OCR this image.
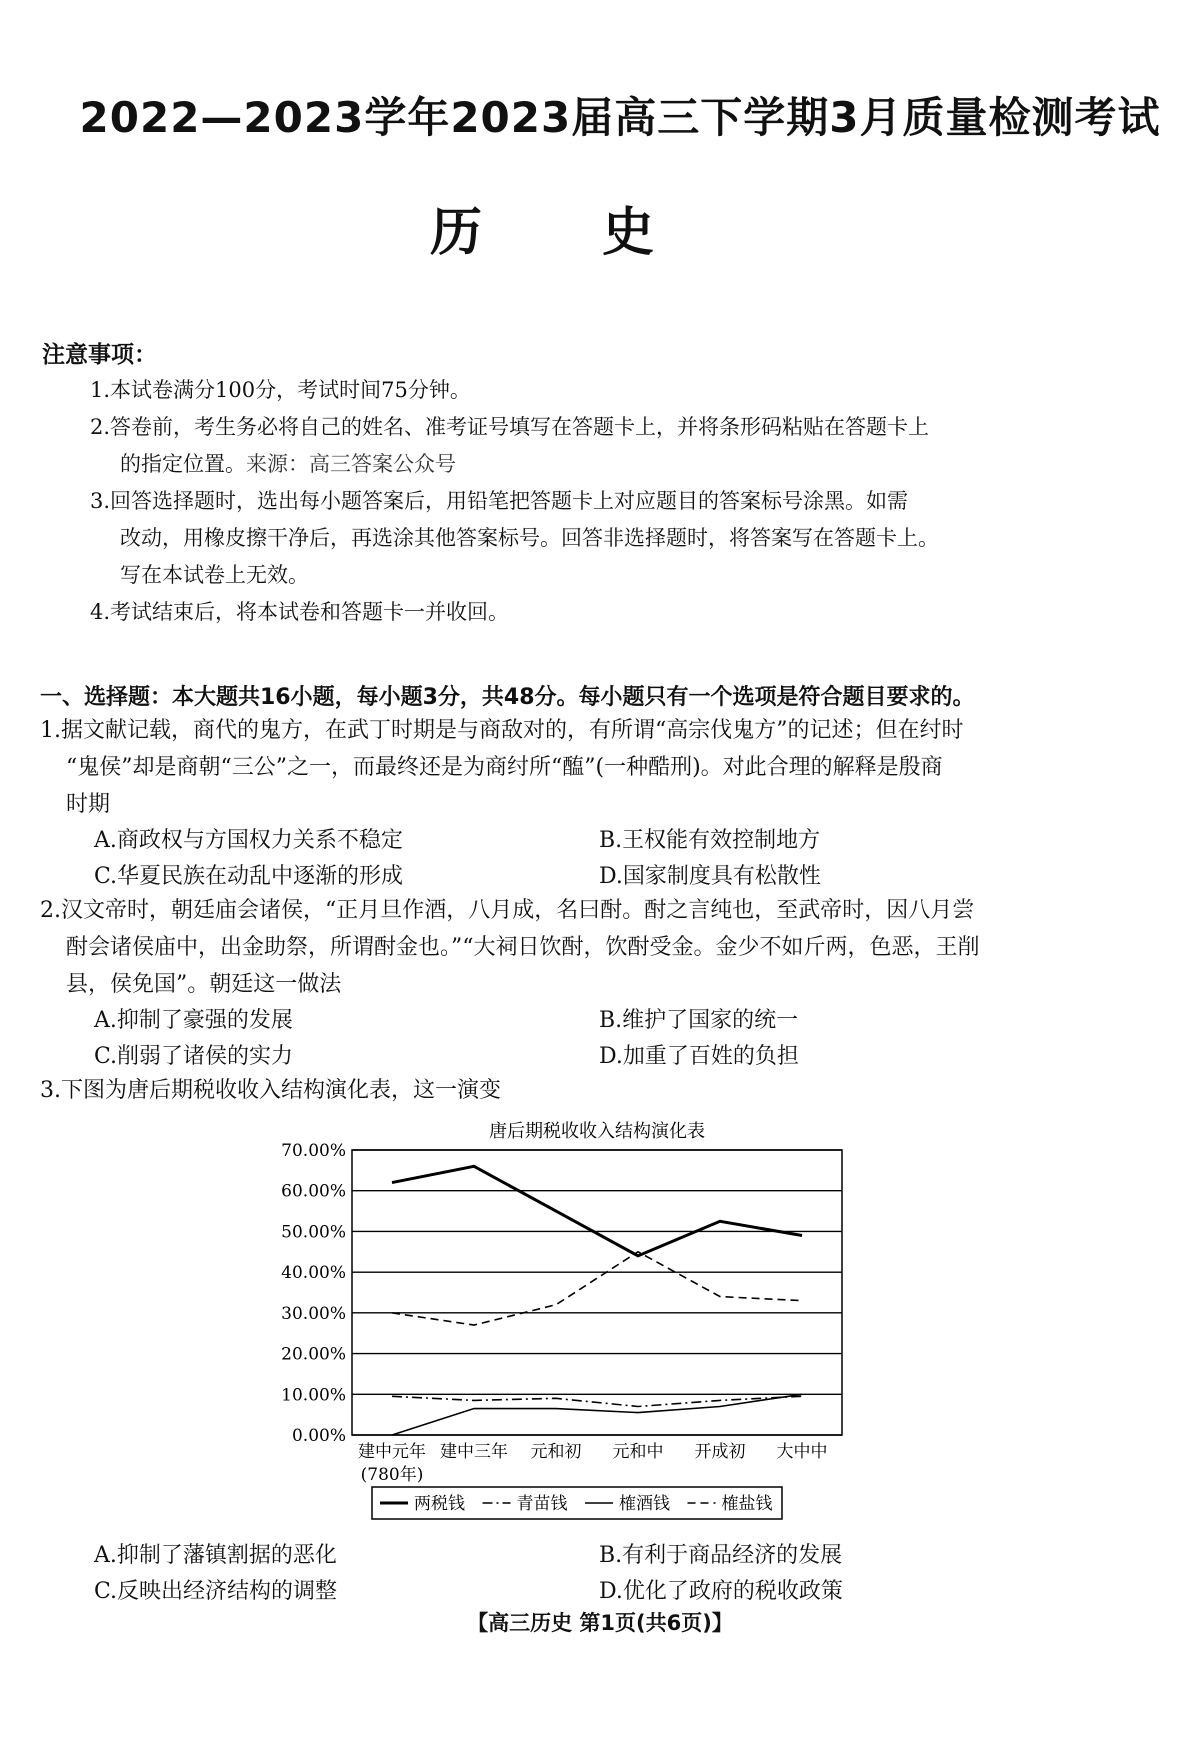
2022—2023学年2023届高三下学期3月质量检测考试
历史
注意事项：
1.本试卷满分100分，考试时间75分钟。
2.答卷前，考生务必将自己的姓名、准考证号填写在答题卡上，并将条形码粘贴在答题卡上
的指定位置。来源：高三答案公众号
3.回答选择题时，选出每小题答案后，用铅笔把答题卡上对应题目的答案标号涂黑。如需
改动，用橡皮擦干净后，再选涂其他答案标号。回答非选择题时，将答案写在答题卡上。
写在本试卷上无效。
4.考试结束后，将本试卷和答题卡一并收回。
一、选择题：本大题共16小题，每小题3分，共48分。每小题只有一个选项是符合题目要求的。
1.据文献记载，商代的鬼方，在武丁时期是与商敌对的，有所谓“高宗伐鬼方”的记述；但在纣时
“鬼侯”却是商朝“三公”之一，而最终还是为商纣所“醢”(一种酷刑)。对此合理的解释是殷商
时期
A.商政权与方国权力关系不稳定	B.王权能有效控制地方
C.华夏民族在动乱中逐渐的形成	D.国家制度具有松散性
2.汉文帝时，朝廷庙会诸侯，“正月旦作酒，八月成，名曰酎。酎之言纯也，至武帝时，因八月尝
酎会诸侯庙中，出金助祭，所谓酎金也。”“大祠日饮酎，饮酎受金。金少不如斤两，色恶，王削
县，侯免国”。朝廷这一做法
A.抑制了豪强的发展	B.维护了国家的统一
C.削弱了诸侯的实力	D.加重了百姓的负担
3.下图为唐后期税收收入结构演化表，这一演变
唐后期税收收入结构演化表
70.00%
60.00%
50.00%
40.00%
30.00%
20.00%
10.00%
0.00%
建中元年 建中三年 元和初 元和中 开成初 大中中
(780年)
两税钱	青苗钱	榷酒钱	榷盐钱
A.抑制了藩镇割据的恶化	B.有利于商品经济的发展
C.反映出经济结构的调整	D.优化了政府的税收政策
【高三历史 第1页(共6页)】
